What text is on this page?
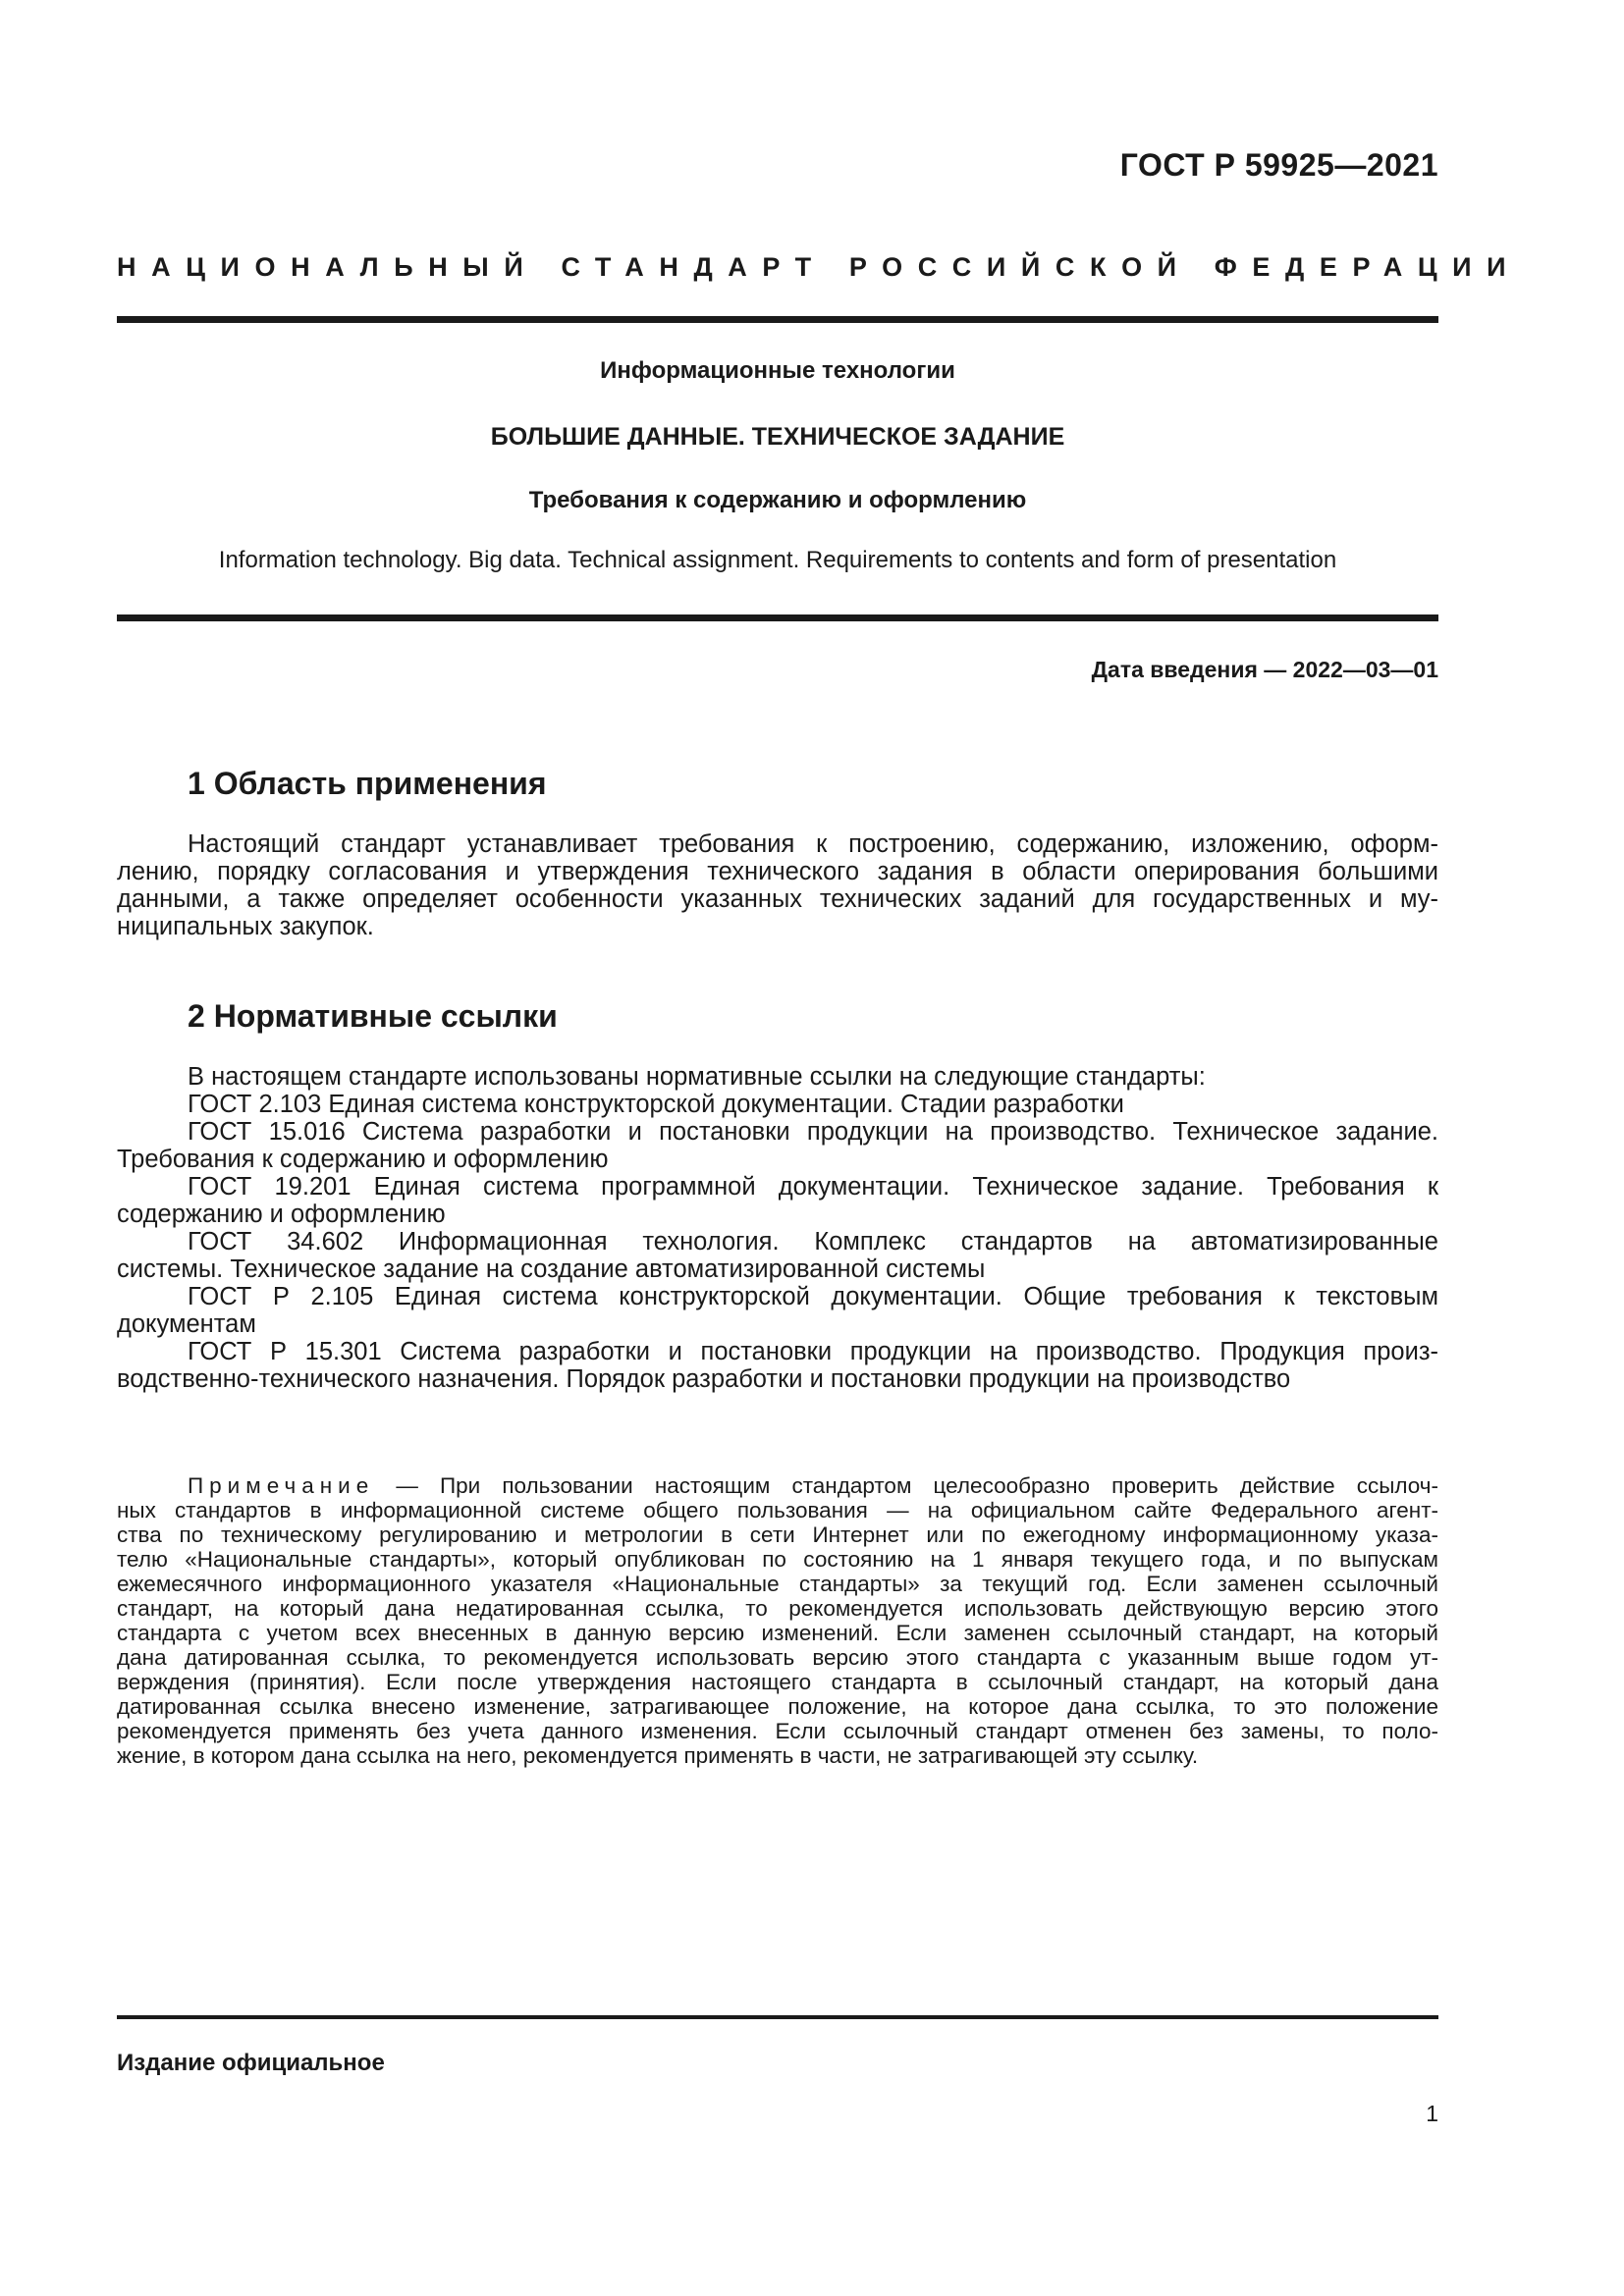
ГОСТ Р 59925—2021
НАЦИОНАЛЬНЫЙ СТАНДАРТ РОССИЙСКОЙ ФЕДЕРАЦИИ
Информационные технологии
БОЛЬШИЕ ДАННЫЕ. ТЕХНИЧЕСКОЕ ЗАДАНИЕ
Требования к содержанию и оформлению
Information technology. Big data. Technical assignment. Requirements to contents and form of presentation
Дата введения — 2022—03—01
1 Область применения
Настоящий стандарт устанавливает требования к построению, содержанию, изложению, оформ-
лению, порядку согласования и утверждения технического задания в области оперирования большими
данными, а также определяет особенности указанных технических заданий для государственных и му-
ниципальных закупок.
2 Нормативные ссылки
В настоящем стандарте использованы нормативные ссылки на следующие стандарты:
ГОСТ 2.103 Единая система конструкторской документации. Стадии разработки
ГОСТ 15.016 Система разработки и постановки продукции на производство. Техническое задание.
Требования к содержанию и оформлению
ГОСТ 19.201 Единая система программной документации. Техническое задание. Требования к
содержанию и оформлению
ГОСТ 34.602 Информационная технология. Комплекс стандартов на автоматизированные
системы. Техническое задание на создание автоматизированной системы
ГОСТ Р 2.105 Единая система конструкторской документации. Общие требования к текстовым
документам
ГОСТ Р 15.301 Система разработки и постановки продукции на производство. Продукция произ-
водственно-технического назначения. Порядок разработки и постановки продукции на производство
Примечание — При пользовании настоящим стандартом целесообразно проверить действие ссылоч-
ных стандартов в информационной системе общего пользования — на официальном сайте Федерального агент-
ства по техническому регулированию и метрологии в сети Интернет или по ежегодному информационному указа-
телю «Национальные стандарты», который опубликован по состоянию на 1 января текущего года, и по выпускам
ежемесячного информационного указателя «Национальные стандарты» за текущий год. Если заменен ссылочный
стандарт, на который дана недатированная ссылка, то рекомендуется использовать действующую версию этого
стандарта с учетом всех внесенных в данную версию изменений. Если заменен ссылочный стандарт, на который
дана датированная ссылка, то рекомендуется использовать версию этого стандарта с указанным выше годом ут-
верждения (принятия). Если после утверждения настоящего стандарта в ссылочный стандарт, на который дана
датированная ссылка внесено изменение, затрагивающее положение, на которое дана ссылка, то это положение
рекомендуется применять без учета данного изменения. Если ссылочный стандарт отменен без замены, то поло-
жение, в котором дана ссылка на него, рекомендуется применять в части, не затрагивающей эту ссылку.
Издание официальное
1
